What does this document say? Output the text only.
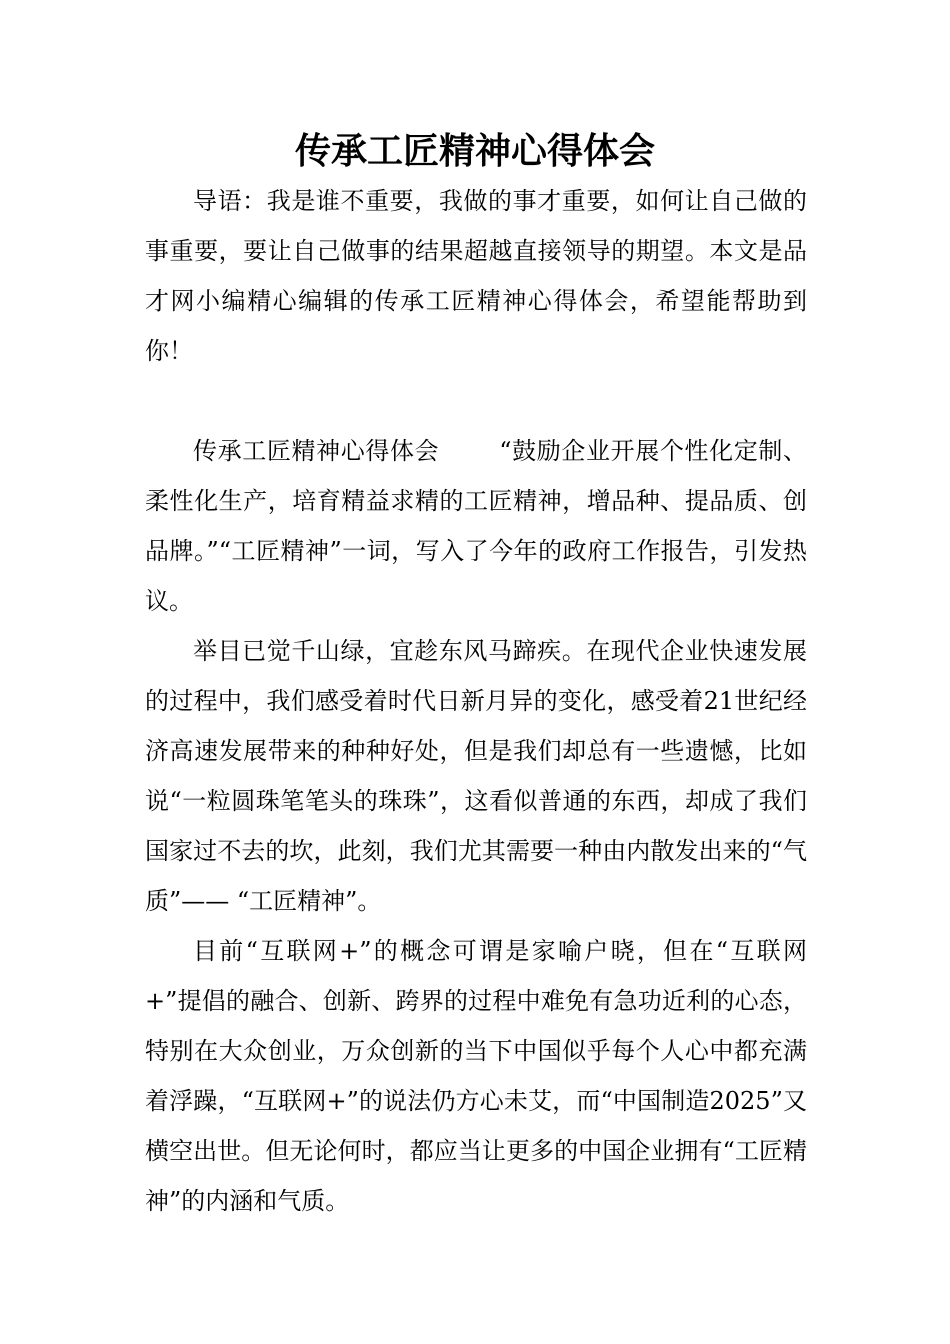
传承工匠精神心得体会

导语：我是谁不重要，我做的事才重要，如何让自己做的事重要，要让自己做事的结果超越直接领导的期望。本文是品才网小编精心编辑的传承工匠精神心得体会，希望能帮助到你！

传承工匠精神心得体会	“鼓励企业开展个性化定制、柔性化生产，培育精益求精的工匠精神，增品种、提品质、创品牌。”“工匠精神”一词，写入了今年的政府工作报告，引发热议。

举目已觉千山绿，宜趁东风马蹄疾。在现代企业快速发展的过程中，我们感受着时代日新月异的变化，感受着21世纪经济高速发展带来的种种好处，但是我们却总有一些遗憾，比如说“一粒圆珠笔笔头的珠珠”，这看似普通的东西，却成了我们国家过不去的坎，此刻，我们尤其需要一种由内散发出来的“气质”—— “工匠精神”。

目前“互联网+”的概念可谓是家喻户晓，但在“互联网+”提倡的融合、创新、跨界的过程中难免有急功近利的心态，特别在大众创业，万众创新的当下中国似乎每个人心中都充满着浮躁，“互联网+”的说法仍方心未艾，而“中国制造2025”又横空出世。但无论何时，都应当让更多的中国企业拥有“工匠精神”的内涵和气质。
